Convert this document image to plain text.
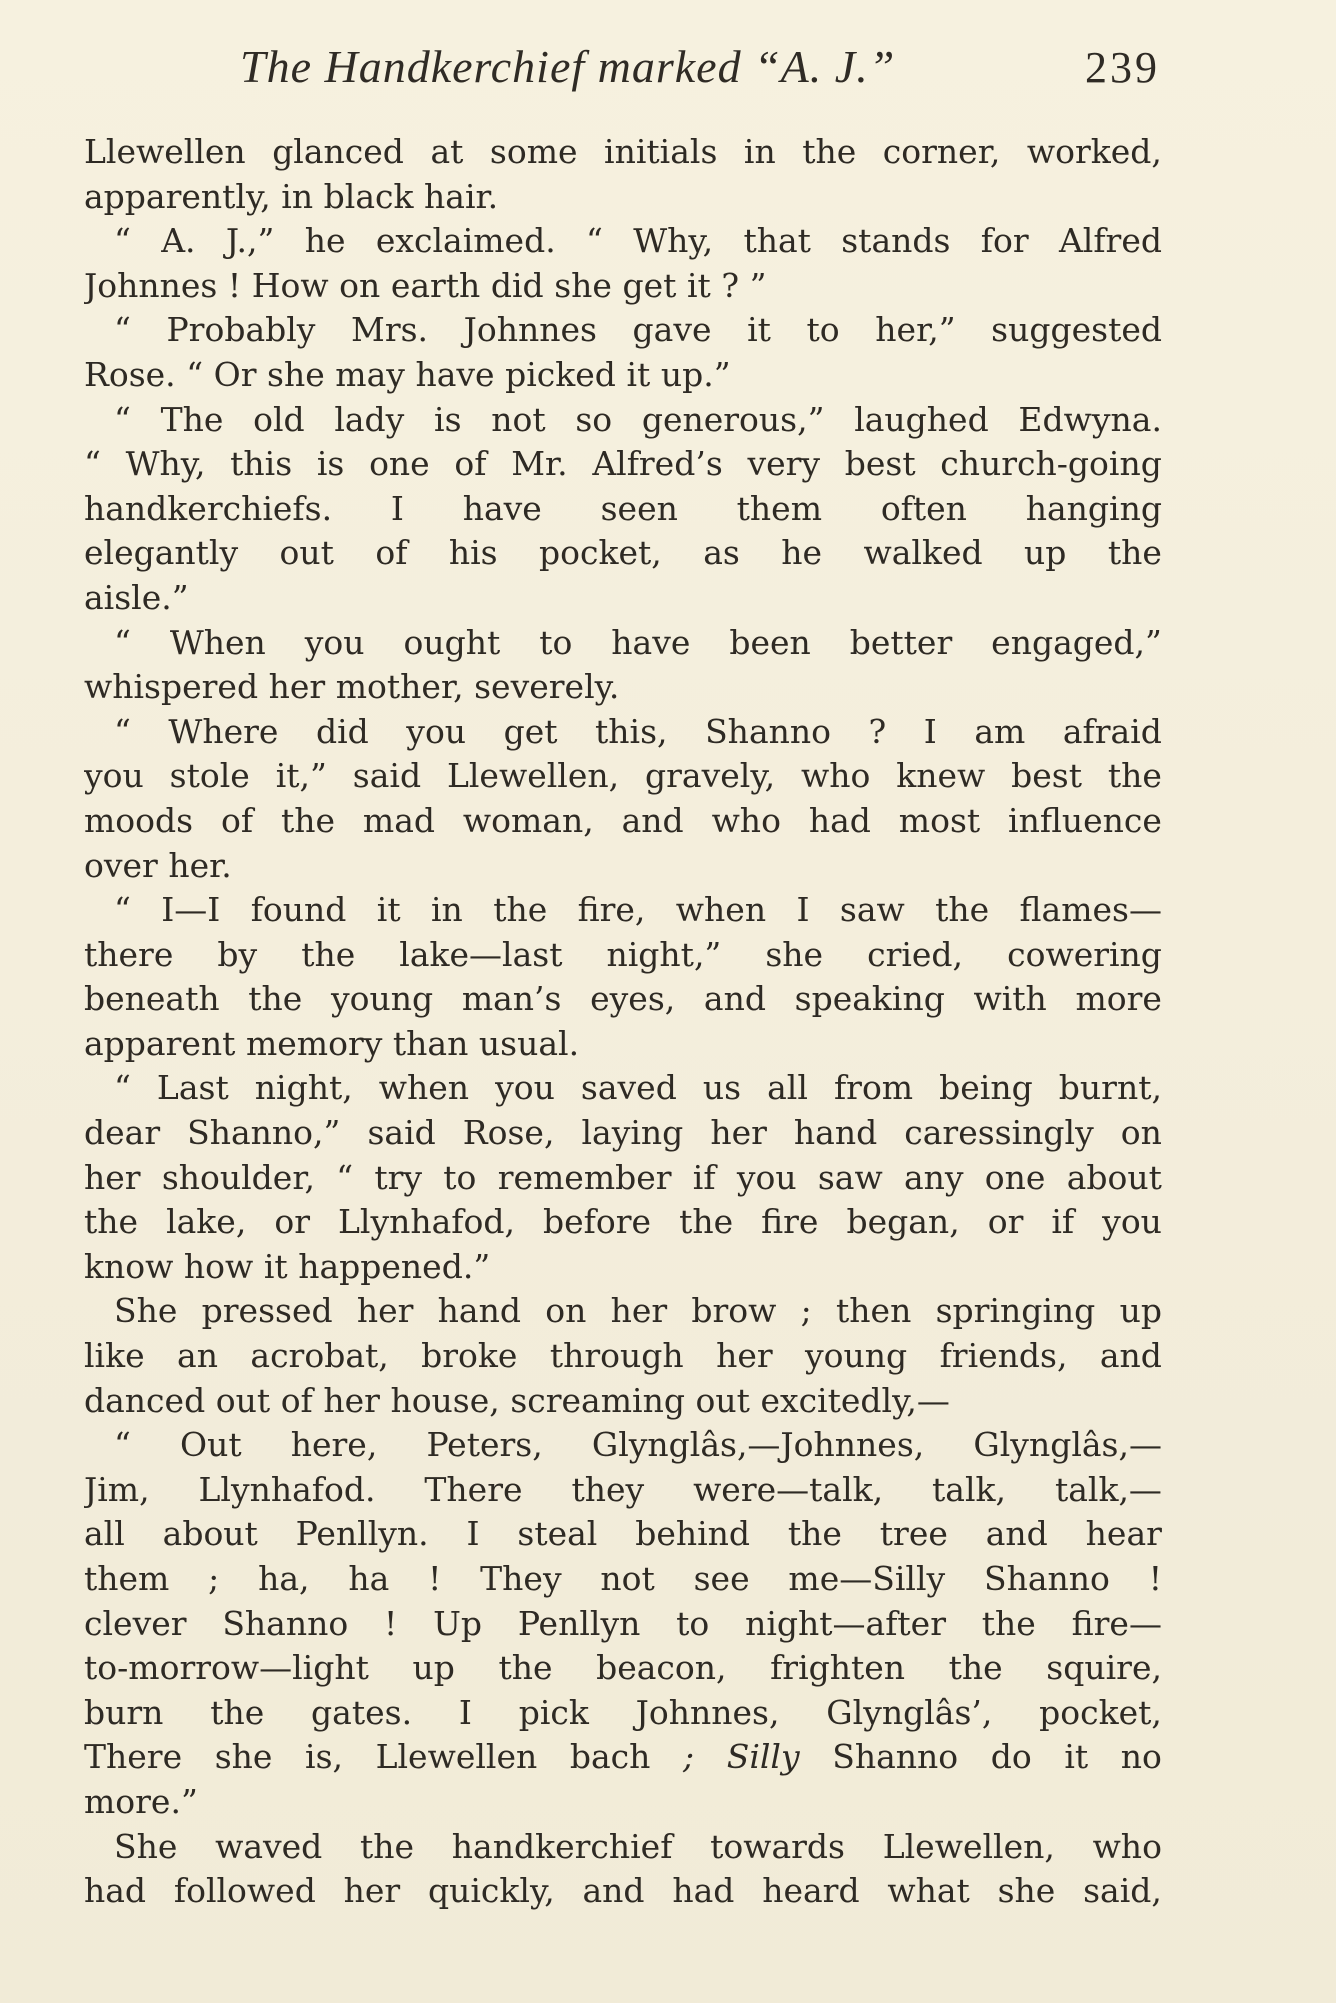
The Handkerchief marked “A. J.”	239
Llewellen glanced at some initials in the corner, worked,
apparently, in black hair.
“ A. J.,” he exclaimed. “ Why, that stands for Alfred
Johnnes ! How on earth did she get it ? ”
“ Probably Mrs. Johnnes gave it to her,” suggested
Rose. “ Or she may have picked it up.”
“ The old lady is not so generous,” laughed Edwyna.
“ Why, this is one of Mr. Alfred’s very best church-going
handkerchiefs. I have seen them often hanging
elegantly out of his pocket, as he walked up the
aisle.”
“ When you ought to have been better engaged,”
whispered her mother, severely.
“ Where did you get this, Shanno ? I am afraid
you stole it,” said Llewellen, gravely, who knew best the
moods of the mad woman, and who had most influence
over her.
“ I—I found it in the fire, when I saw the flames—
there by the lake—last night,” she cried, cowering
beneath the young man’s eyes, and speaking with more
apparent memory than usual.
“ Last night, when you saved us all from being burnt,
dear Shanno,” said Rose, laying her hand caressingly on
her shoulder, “ try to remember if you saw any one about
the lake, or Llynhafod, before the fire began, or if you
know how it happened.”
She pressed her hand on her brow ; then springing up
like an acrobat, broke through her young friends, and
danced out of her house, screaming out excitedly,—
“ Out here, Peters, Glynglâs,—Johnnes, Glynglâs,—
Jim, Llynhafod. There they were—talk, talk, talk,—
all about Penllyn. I steal behind the tree and hear
them ; ha, ha ! They not see me—Silly Shanno !
clever Shanno ! Up Penllyn to night—after the fire—
to-morrow—light up the beacon, frighten the squire,
burn the gates. I pick Johnnes, Glynglâs’, pocket,
There she is, Llewellen bach ; Silly Shanno do it no
more.”
She waved the handkerchief towards Llewellen, who
had followed her quickly, and had heard what she said,
